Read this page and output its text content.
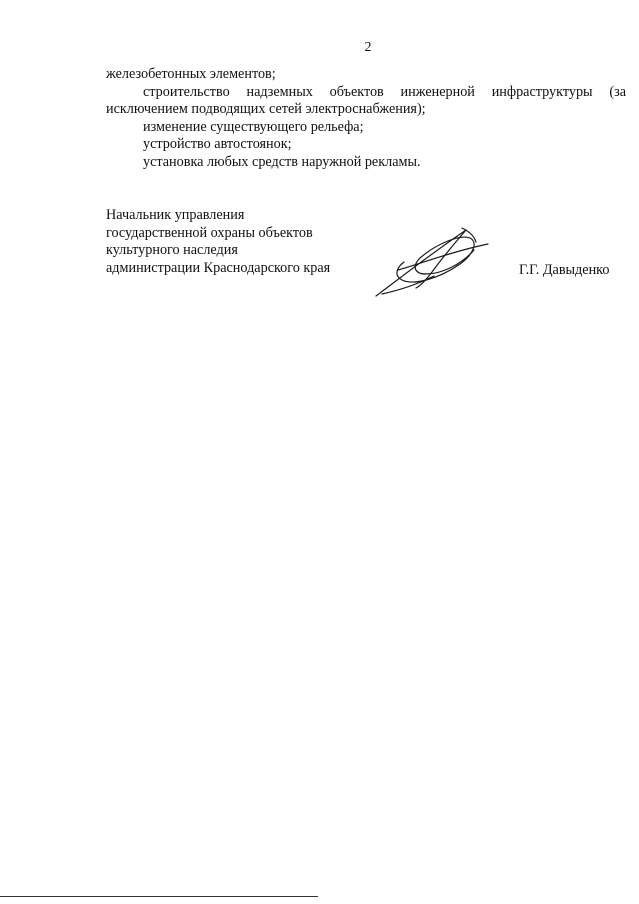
2

железобетонных элементов;

строительство надземных объектов инженерной инфраструктуры (за

исключением подводящих сетей электроснабжения);

изменение существующего рельефа;

устройство автостоянок;

установка любых средств наружной рекламы.

Начальник управления
государственной охраны объектов
культурного наследия
администрации Краснодарского края	Г.Г. Давыденко
